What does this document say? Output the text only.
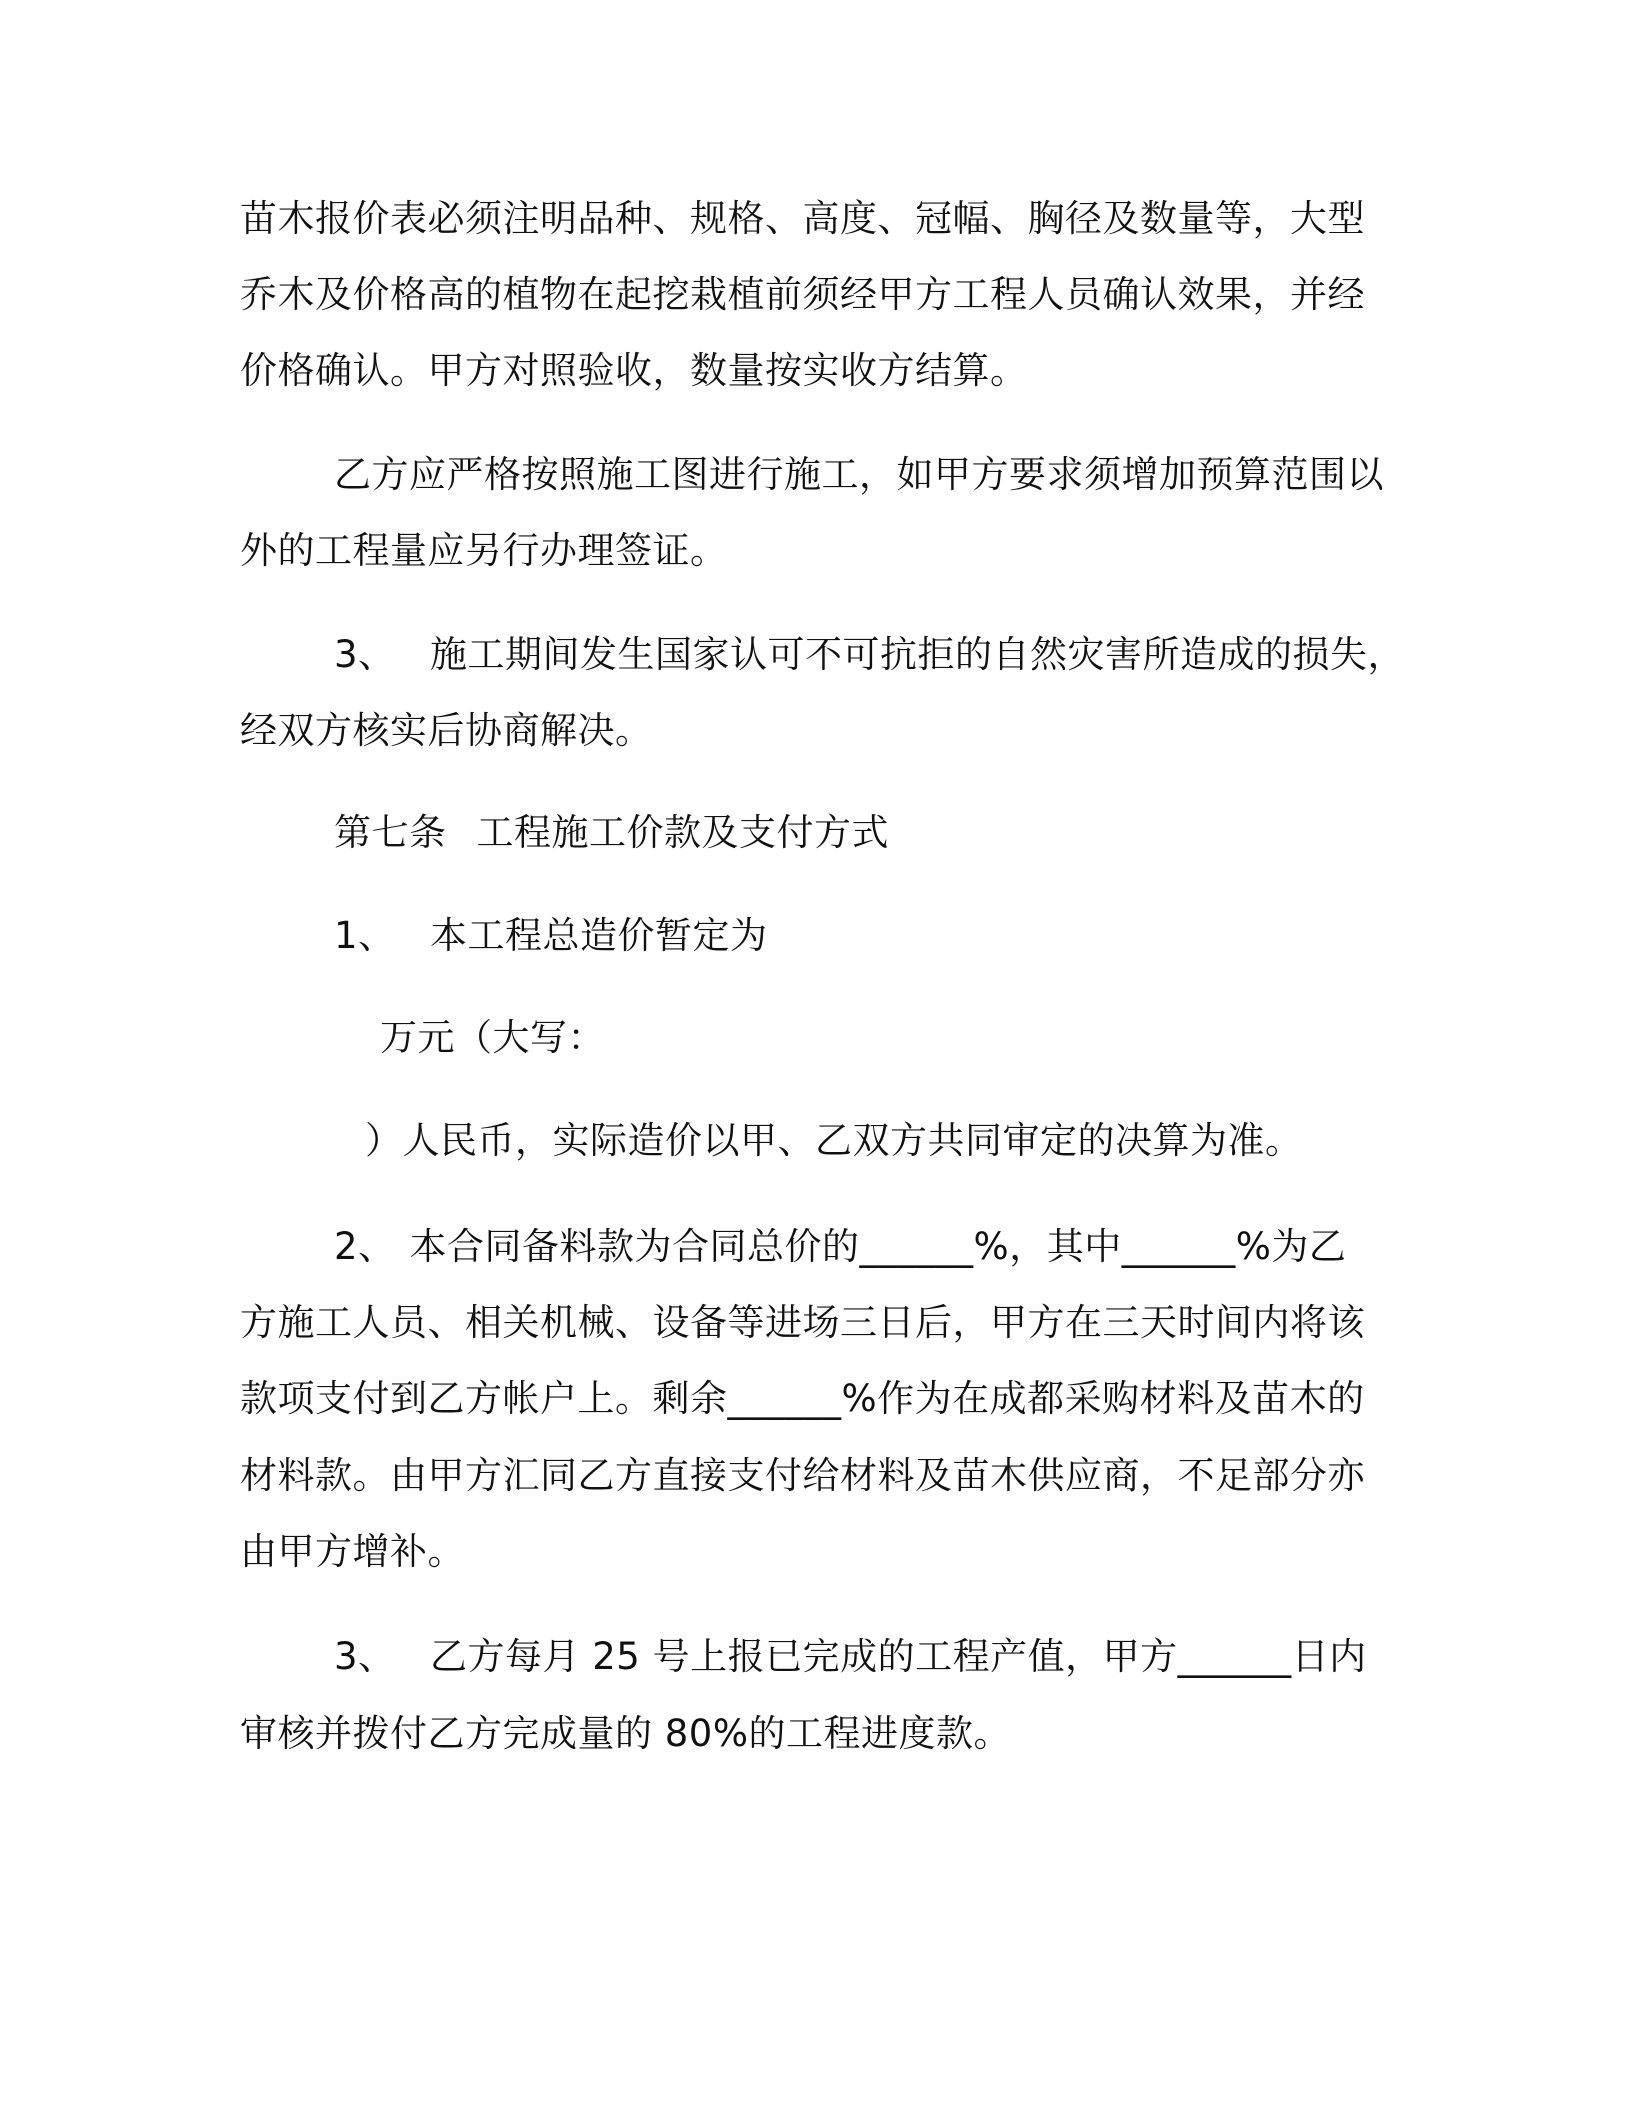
苗木报价表必须注明品种、规格、高度、冠幅、胸径及数量等，大型

乔木及价格高的植物在起挖栽植前须经甲方工程人员确认效果，并经

价格确认。甲方对照验收，数量按实收方结算。

乙方应严格按照施工图进行施工，如甲方要求须增加预算范围以

外的工程量应另行办理签证。

3、 施工期间发生国家认可不可抗拒的自然灾害所造成的损失，

经双方核实后协商解决。

第七条 工程施工价款及支付方式

1、 本工程总造价暂定为

万元（大写：

）人民币，实际造价以甲、乙双方共同审定的决算为准。

2、 本合同备料款为合同总价的______%，其中______%为乙

方施工人员、相关机械、设备等进场三日后，甲方在三天时间内将该

款项支付到乙方帐户上。剩余______%作为在成都采购材料及苗木的

材料款。由甲方汇同乙方直接支付给材料及苗木供应商，不足部分亦

由甲方增补。

3、 乙方每月 25 号上报已完成的工程产值，甲方______日内

审核并拨付乙方完成量的 80%的工程进度款。
